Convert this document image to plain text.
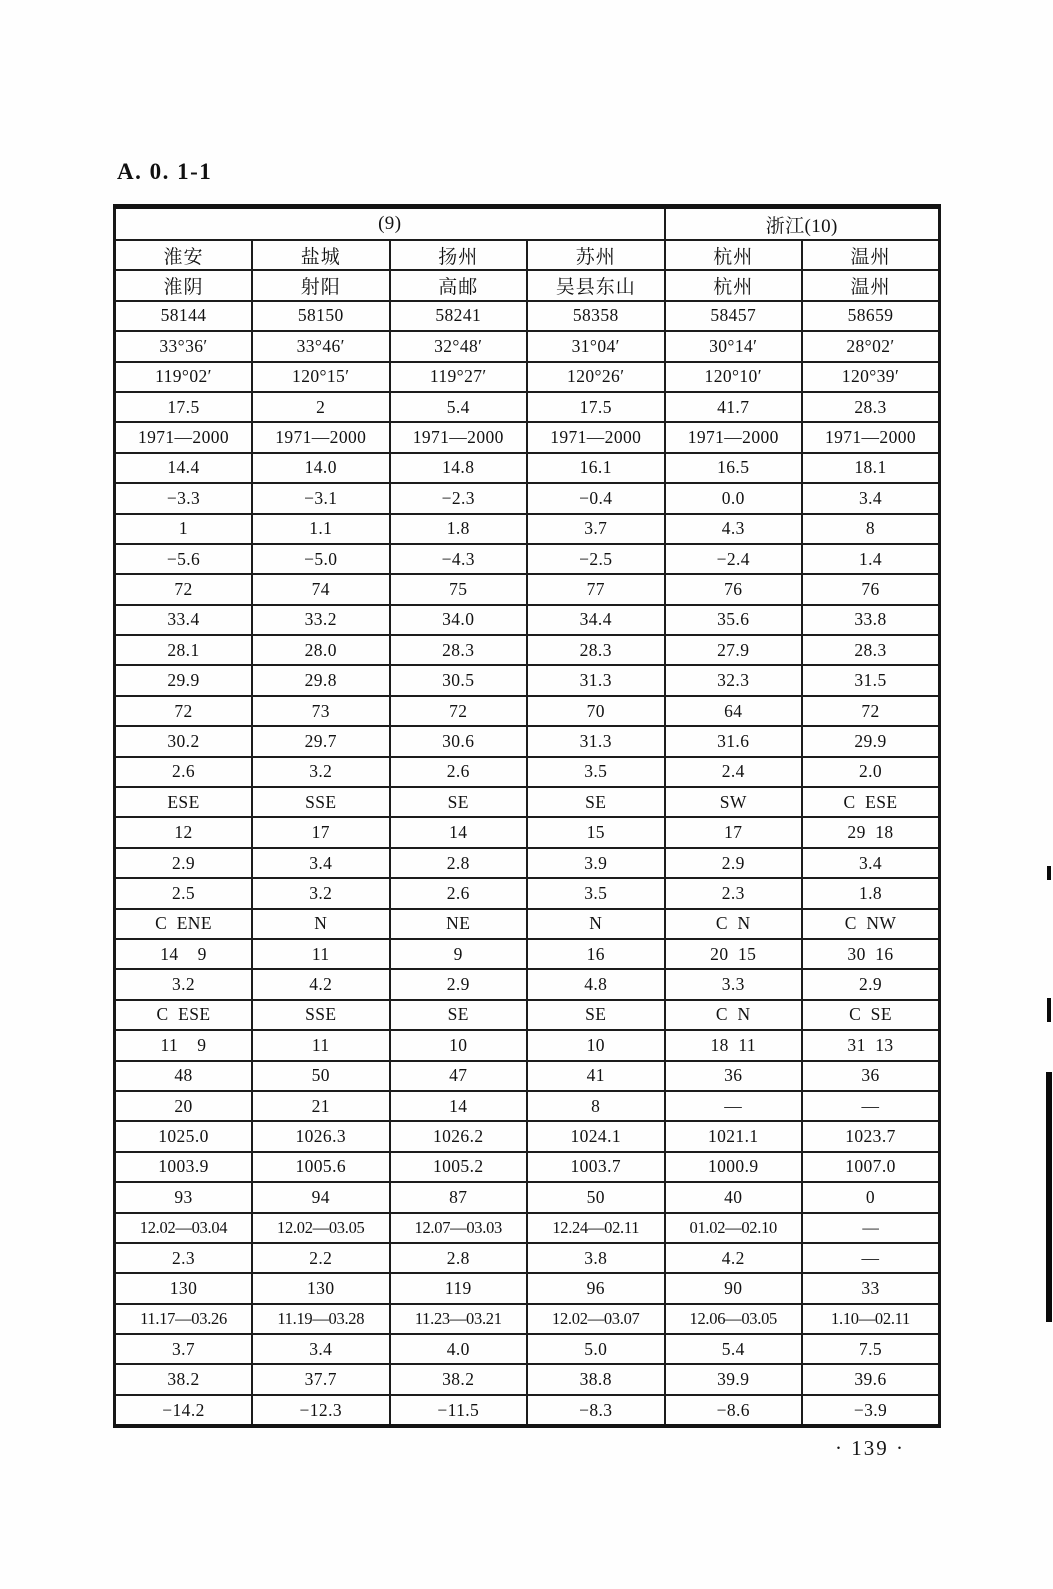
A. 0. 1-1
(9)				浙江(10)	
淮安	盐城	扬州	苏州	杭州	温州
淮阴	射阳	高邮	吴县东山	杭州	温州
58144	58150	58241	58358	58457	58659
33°36′	33°46′	32°48′	31°04′	30°14′	28°02′
119°02′	120°15′	119°27′	120°26′	120°10′	120°39′
17.5	2	5.4	17.5	41.7	28.3
1971—2000	1971—2000	1971—2000	1971—2000	1971—2000	1971—2000
14.4	14.0	14.8	16.1	16.5	18.1
−3.3	−3.1	−2.3	−0.4	0.0	3.4
1	1.1	1.8	3.7	4.3	8
−5.6	−5.0	−4.3	−2.5	−2.4	1.4
72	74	75	77	76	76
33.4	33.2	34.0	34.4	35.6	33.8
28.1	28.0	28.3	28.3	27.9	28.3
29.9	29.8	30.5	31.3	32.3	31.5
72	73	72	70	64	72
30.2	29.7	30.6	31.3	31.6	29.9
2.6	3.2	2.6	3.5	2.4	2.0
ESE	SSE	SE	SE	SW	C  ESE
12	17	14	15	17	29  18
2.9	3.4	2.8	3.9	2.9	3.4
2.5	3.2	2.6	3.5	2.3	1.8
C  ENE	N	NE	N	C  N	C  NW
14    9	11	9	16	20  15	30  16
3.2	4.2	2.9	4.8	3.3	2.9
C  ESE	SSE	SE	SE	C  N	C  SE
11    9	11	10	10	18  11	31  13
48	50	47	41	36	36
20	21	14	8	—	—
1025.0	1026.3	1026.2	1024.1	1021.1	1023.7
1003.9	1005.6	1005.2	1003.7	1000.9	1007.0
93	94	87	50	40	0
12.02—03.04	12.02—03.05	12.07—03.03	12.24—02.11	01.02—02.10	—
2.3	2.2	2.8	3.8	4.2	—
130	130	119	96	90	33
11.17—03.26	11.19—03.28	11.23—03.21	12.02—03.07	12.06—03.05	1.10—02.11
3.7	3.4	4.0	5.0	5.4	7.5
38.2	37.7	38.2	38.8	39.9	39.6
−14.2	−12.3	−11.5	−8.3	−8.6	−3.9
· 139 ·
